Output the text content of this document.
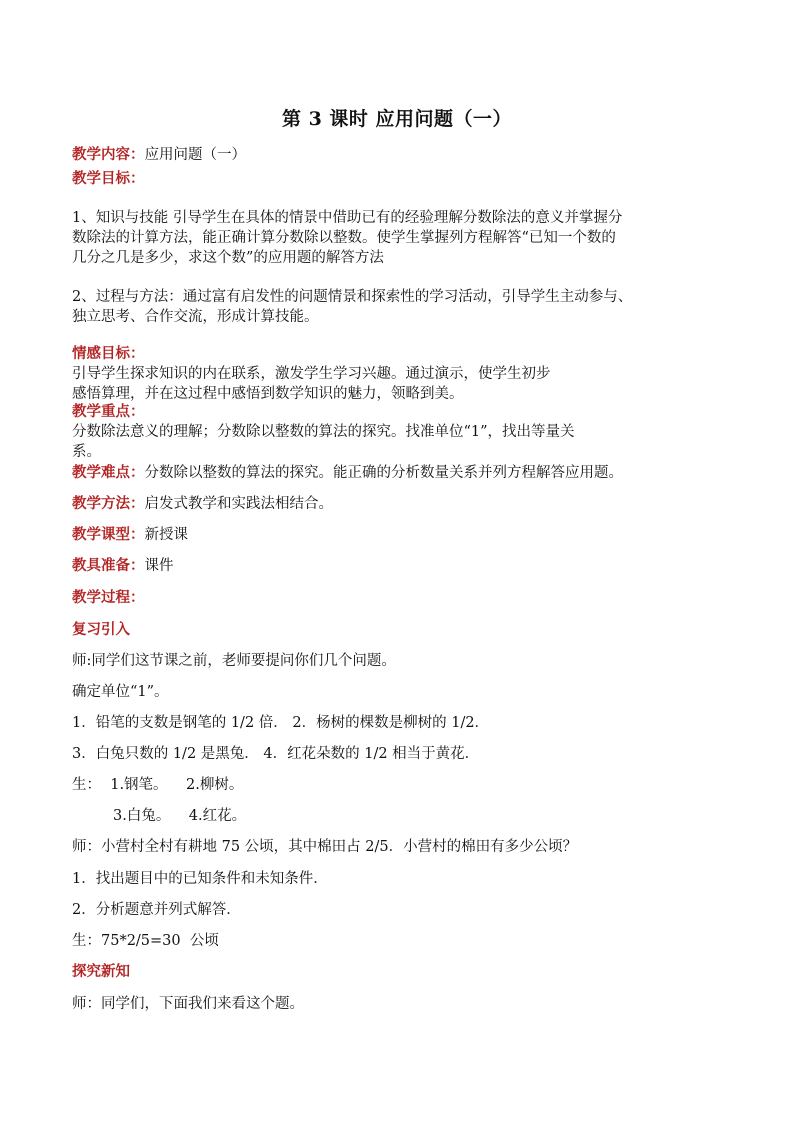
第 3 课时 应用问题（一）
教学内容：应用问题（一）
教学目标：
1、知识与技能 引导学生在具体的情景中借助已有的经验理解分数除法的意义并掌握分
数除法的计算方法，能正确计算分数除以整数。使学生掌握列方程解答“已知一个数的
几分之几是多少，求这个数”的应用题的解答方法
2、过程与方法：通过富有启发性的问题情景和探索性的学习活动，引导学生主动参与、
独立思考、合作交流，形成计算技能。
情感目标：
引导学生探求知识的内在联系，激发学生学习兴趣。通过演示，使学生初步
感悟算理，并在这过程中感悟到数学知识的魅力，领略到美。
教学重点：
分数除法意义的理解；分数除以整数的算法的探究。找准单位“1”，找出等量关
系。
教学难点：分数除以整数的算法的探究。能正确的分析数量关系并列方程解答应用题。
教学方法：启发式教学和实践法相结合。
教学课型：新授课
教具准备：课件
教学过程：
复习引入
师:同学们这节课之前，老师要提问你们几个问题。
确定单位“1”。
1．铅笔的支数是钢笔的 1/2 倍． 2．杨树的棵数是柳树的 1/2．
3．白兔只数的 1/2 是黑兔． 4．红花朵数的 1/2 相当于黄花．
生：  1.钢笔。    2.柳树。
3.白兔。    4.红花。
师：小营村全村有耕地 75 公顷，其中棉田占 2/5．小营村的棉田有多少公顷？
1．找出题目中的已知条件和未知条件．
2．分析题意并列式解答．
生：75*2/5=30  公顷
探究新知
师：同学们，下面我们来看这个题。
